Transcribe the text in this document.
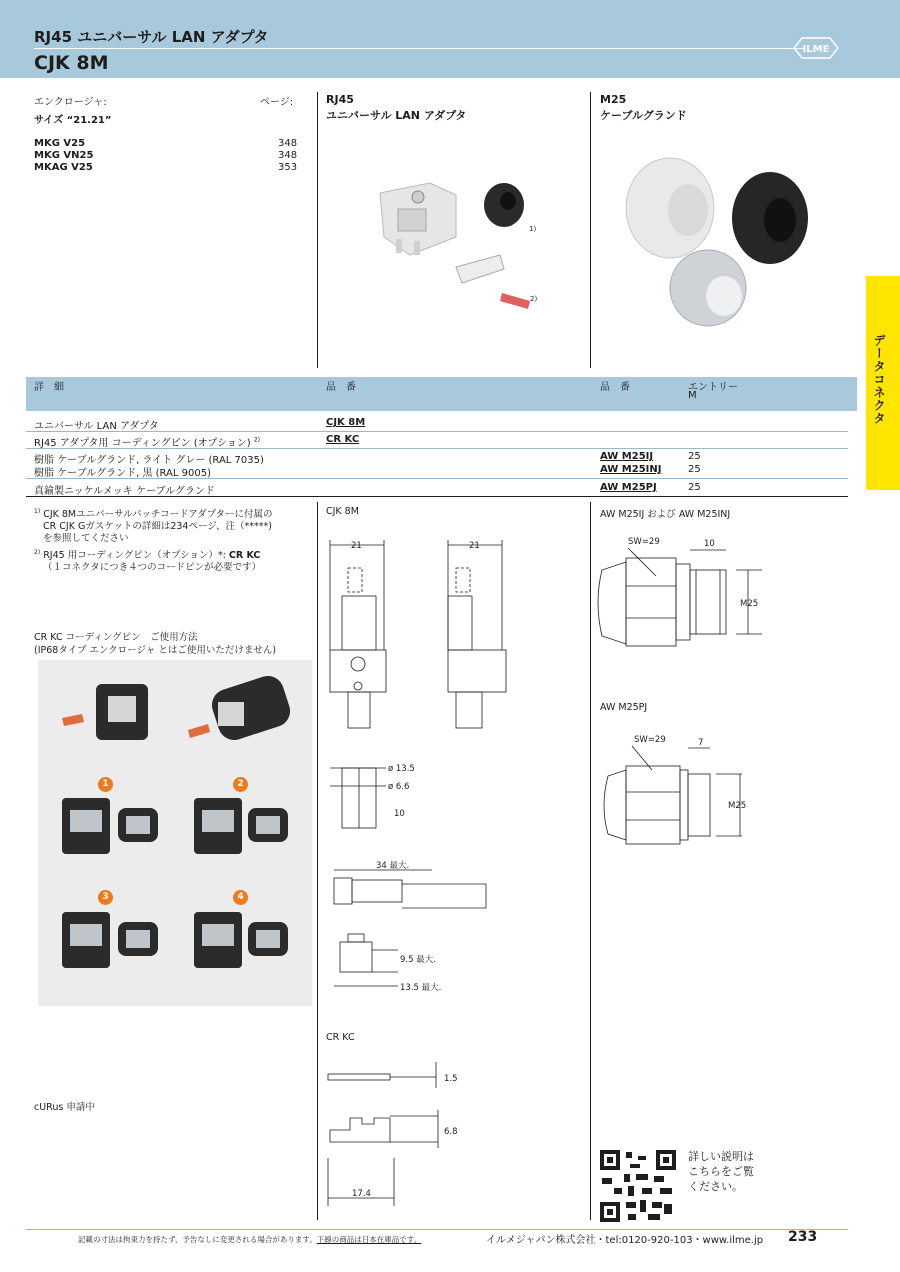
RJ45 ユニバーサル LAN アダプタ
CJK 8M
ILME
データコネクタ
エンクロージャ:	ページ:
サイズ “21.21”
MKG V25	348
MKG VN25	348
MKAG V25	353
RJ45
ユニバーサル LAN アダプタ
M25
ケーブルグランド
1)
2)
詳　細	品　番	品　番	エントリー
M
ユニバーサル LAN アダプタ	CJK 8M
RJ45 アダプタ用 コーディングピン (オプション) $^{2)}$	CR KC
樹脂 ケーブルグランド, ライト グレー (RAL 7035)	AW M25IJ	25
樹脂 ケーブルグランド, 黒 (RAL 9005)	AW M25INJ	25
真鍮製ニッケルメッキ ケーブルグランド	AW M25PJ	25
$^{1)}$ CJK 8Mユニバーサルパッチコードアダプターに付属の
CR CJK Gガスケットの詳細は234ページ、注（*****)
を参照してください
$^{2)}$ RJ45 用コーディングピン（オプション）*: CR KC
（１コネクタにつき４つのコードピンが必要です）
CR KC コーディングピン　ご使用方法
(IP68タイプ エンクロージャ とはご使用いただけません)
1	2
3	4
cURus 申請中
CJK 8M
21	21
ø 13.5
ø 6.6
10
34 最大.
9.5 最大.
13.5 最大.
CR KC
1.5
6.8
17.4
AW M25IJ および AW M25INJ
SW=29	10
M25
AW M25PJ
SW=29	7
M25
詳しい説明は
こちらをご覧
ください。
記載の寸法は拘束力を持たず、予告なしに変更される場合があります。下線の商品は日本在庫品です。	イルメジャパン株式会社・tel:0120-920-103・www.ilme.jp 233
